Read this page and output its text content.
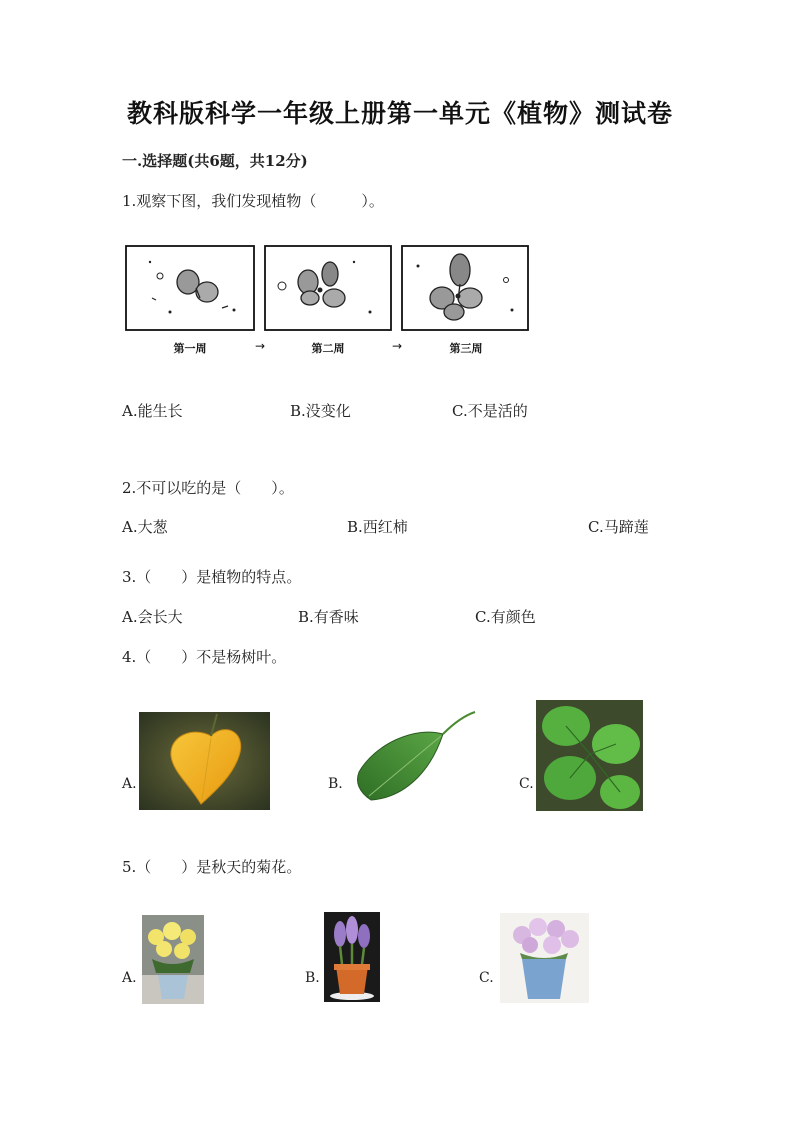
教科版科学一年级上册第一单元《植物》测试卷
一.选择题(共6题，共12分)
1.观察下图，我们发现植物（　　　）。
第一周	→	第二周	→	第三周
A.能生长	B.没变化	C.不是活的
2.不可以吃的是（　　）。
A.大葱	B.西红柿	C.马蹄莲
3.（　　）是植物的特点。
A.会长大	B.有香味	C.有颜色
4.（　　）不是杨树叶。
A.	B.	C.
5.（　　）是秋天的菊花。
A.	B.	C.
